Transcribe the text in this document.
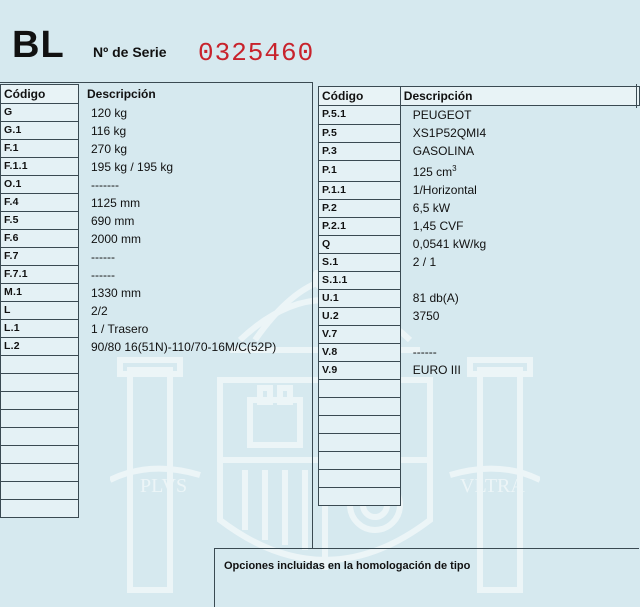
PLVS	VLTRA
BL Nº de Serie 0325460
Código	Descripción
G	120 kg
G.1	116 kg
F.1	270 kg
F.1.1	195 kg / 195 kg
O.1	-------
F.4	1125 mm
F.5	690 mm
F.6	2000 mm
F.7	------
F.7.1	------
M.1	1330 mm
L	2/2
L.1	1 / Trasero
L.2	90/80 16(51N)-110/70-16M/C(52P)

Código	Descripción
P.5.1	PEUGEOT
P.5	XS1P52QMI4
P.3	GASOLINA
P.1	125 $cm^3$
P.1.1	1/Horizontal
P.2	6,5 kW
P.2.1	1,45 CVF
Q	0,0541 kW/kg
S.1	2 / 1
S.1.1	
U.1	81 db(A)
U.2	3750
V.7	
V.8	------
V.9	EURO III

Opciones incluidas en la homologación de tipo
